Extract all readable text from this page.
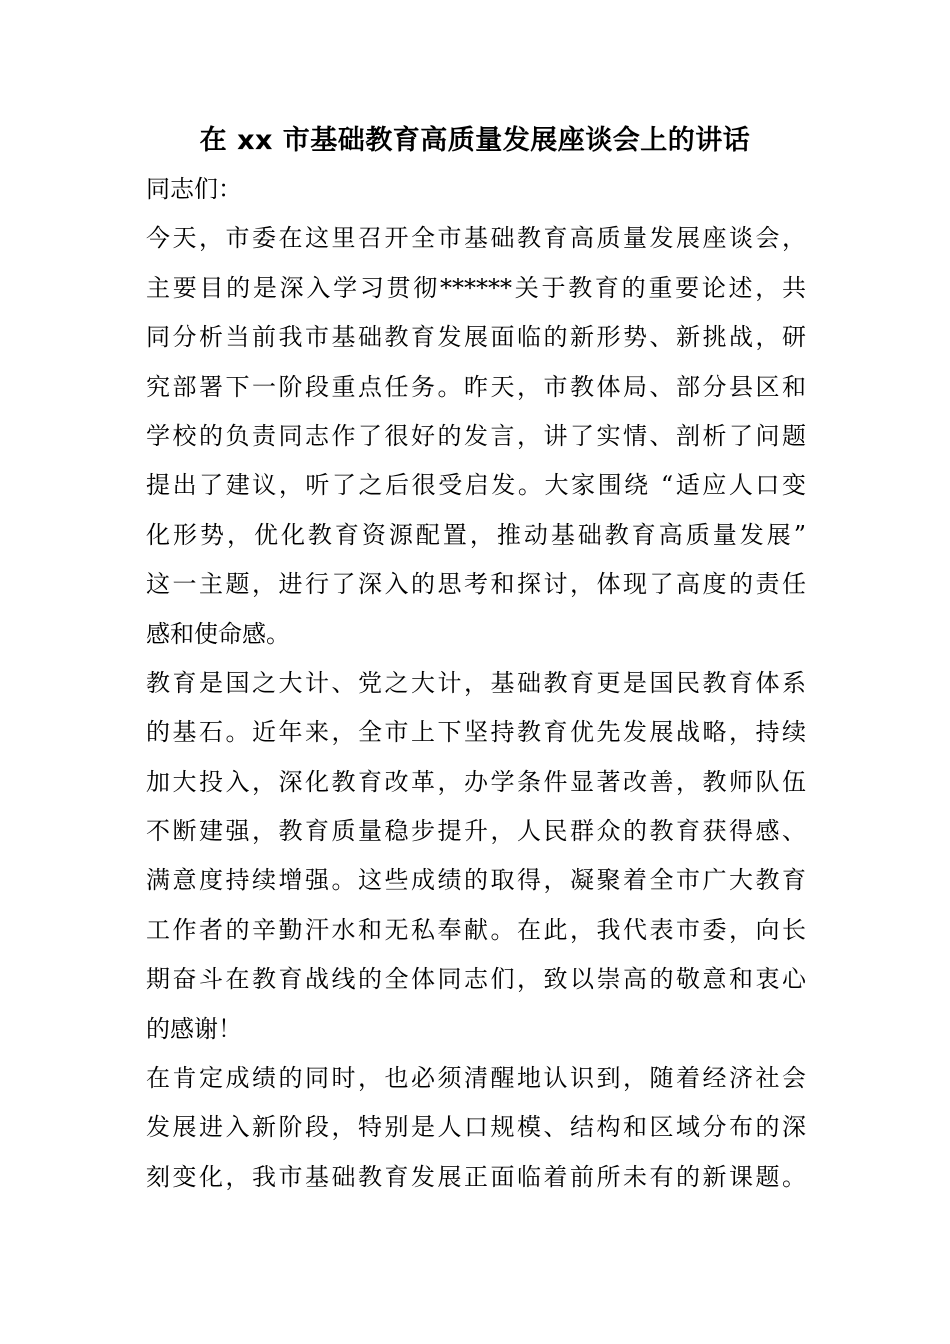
在 xx 市基础教育高质量发展座谈会上的讲话
同志们：
今天，市委在这里召开全市基础教育高质量发展座谈会，
主要目的是深入学习贯彻******关于教育的重要论述，共
同分析当前我市基础教育发展面临的新形势、新挑战，研
究部署下一阶段重点任务。昨天，市教体局、部分县区和
学校的负责同志作了很好的发言，讲了实情、剖析了问题
提出了建议，听了之后很受启发。大家围绕 “适应人口变
化形势，优化教育资源配置，推动基础教育高质量发展”
这一主题，进行了深入的思考和探讨，体现了高度的责任
感和使命感。
教育是国之大计、党之大计，基础教育更是国民教育体系
的基石。近年来，全市上下坚持教育优先发展战略，持续
加大投入，深化教育改革，办学条件显著改善，教师队伍
不断建强，教育质量稳步提升，人民群众的教育获得感、
满意度持续增强。这些成绩的取得，凝聚着全市广大教育
工作者的辛勤汗水和无私奉献。在此，我代表市委，向长
期奋斗在教育战线的全体同志们，致以崇高的敬意和衷心
的感谢！
在肯定成绩的同时，也必须清醒地认识到，随着经济社会
发展进入新阶段，特别是人口规模、结构和区域分布的深
刻变化，我市基础教育发展正面临着前所未有的新课题。
